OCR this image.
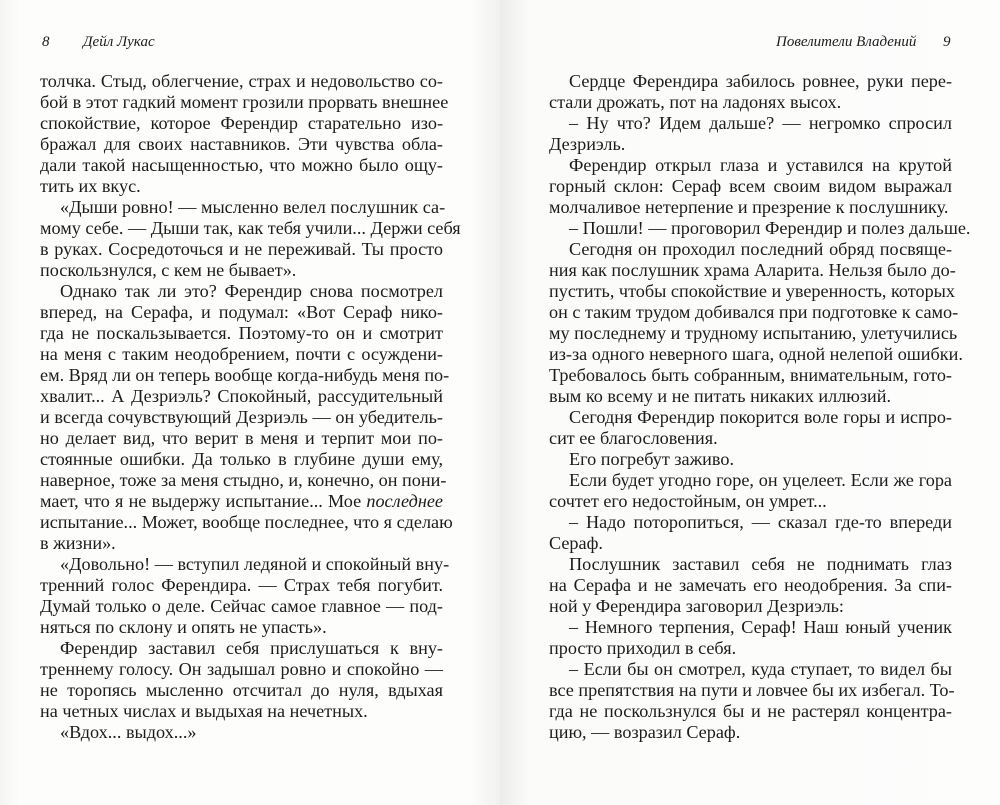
8 Дейл Лукас
толчка. Стыд, облегчение, страх и недовольство со-
бой в этот гадкий момент грозили прорвать внешнее
спокойствие, которое Ферендир старательно изо-
бражал для своих наставников. Эти чувства обла-
дали такой насыщенностью, что можно было ощу-
тить их вкус.
«Дыши ровно! — мысленно велел послушник са-
мому себе. — Дыши так, как тебя учили... Держи себя
в руках. Сосредоточься и не переживай. Ты просто
поскользнулся, с кем не бывает».
Однако так ли это? Ферендир снова посмотрел
вперед, на Серафа, и подумал: «Вот Сераф нико-
гда не поскальзывается. Поэтому-то он и смотрит
на меня с таким неодобрением, почти с осуждени-
ем. Вряд ли он теперь вообще когда-нибудь меня по-
хвалит... А Дезриэль? Спокойный, рассудительный
и всегда сочувствующий Дезриэль — он убедитель-
но делает вид, что верит в меня и терпит мои по-
стоянные ошибки. Да только в глубине души ему,
наверное, тоже за меня стыдно, и, конечно, он пони-
мает, что я не выдержу испытание... Мое последнее
испытание... Может, вообще последнее, что я сделаю
в жизни».
«Довольно! — вступил ледяной и спокойный вну-
тренний голос Ферендира. — Страх тебя погубит.
Думай только о деле. Сейчас самое главное — под-
няться по склону и опять не упасть».
Ферендир заставил себя прислушаться к вну-
треннему голосу. Он задышал ровно и спокойно —
не торопясь мысленно отсчитал до нуля, вдыхая
на четных числах и выдыхая на нечетных.
«Вдох... выдох...»
Повелители Владений 9
Сердце Ферендира забилось ровнее, руки пере-
стали дрожать, пот на ладонях высох.
– Ну что? Идем дальше? — негромко спросил
Дезриэль.
Ферендир открыл глаза и уставился на крутой
горный склон: Сераф всем своим видом выражал
молчаливое нетерпение и презрение к послушнику.
– Пошли! — проговорил Ферендир и полез дальше.
Сегодня он проходил последний обряд посвяще-
ния как послушник храма Аларита. Нельзя было до-
пустить, чтобы спокойствие и уверенность, которых
он с таким трудом добивался при подготовке к само-
му последнему и трудному испытанию, улетучились
из-за одного неверного шага, одной нелепой ошибки.
Требовалось быть собранным, внимательным, гото-
вым ко всему и не питать никаких иллюзий.
Сегодня Ферендир покорится воле горы и испро-
сит ее благословения.
Его погребут заживо.
Если будет угодно горе, он уцелеет. Если же гора
сочтет его недостойным, он умрет...
– Надо поторопиться, — сказал где-то впереди
Сераф.
Послушник заставил себя не поднимать глаз
на Серафа и не замечать его неодобрения. За спи-
ной у Ферендира заговорил Дезриэль:
– Немного терпения, Сераф! Наш юный ученик
просто приходил в себя.
– Если бы он смотрел, куда ступает, то видел бы
все препятствия на пути и ловчее бы их избегал. То-
гда не поскользнулся бы и не растерял концентра-
цию, — возразил Сераф.
